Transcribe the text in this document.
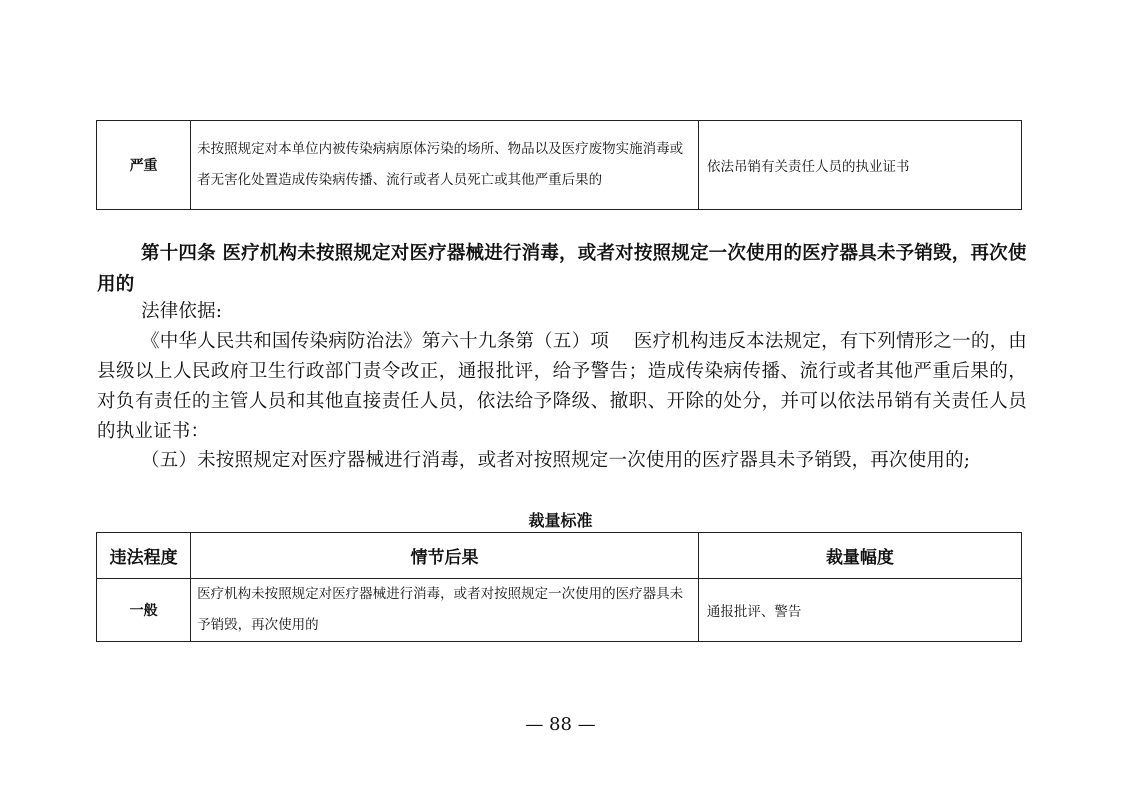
严重	未按照规定对本单位内被传染病病原体污染的场所、物品以及医疗废物实施消毒或者无害化处置造成传染病传播、流行或者人员死亡或其他严重后果的	依法吊销有关责任人员的执业证书
第十四条 医疗机构未按照规定对医疗器械进行消毒，或者对按照规定一次使用的医疗器具未予销毁，再次使用的
法律依据:
《中华人民共和国传染病防治法》第六十九条第（五）项　 医疗机构违反本法规定，有下列情形之一的，由县级以上人民政府卫生行政部门责令改正，通报批评，给予警告；造成传染病传播、流行或者其他严重后果的，对负有责任的主管人员和其他直接责任人员，依法给予降级、撤职、开除的处分，并可以依法吊销有关责任人员的执业证书：
（五）未按照规定对医疗器械进行消毒，或者对按照规定一次使用的医疗器具未予销毁，再次使用的;
裁量标准
违法程度	情节后果	裁量幅度
一般	医疗机构未按照规定对医疗器械进行消毒，或者对按照规定一次使用的医疗器具未予销毁，再次使用的	通报批评、警告
— 88 —
